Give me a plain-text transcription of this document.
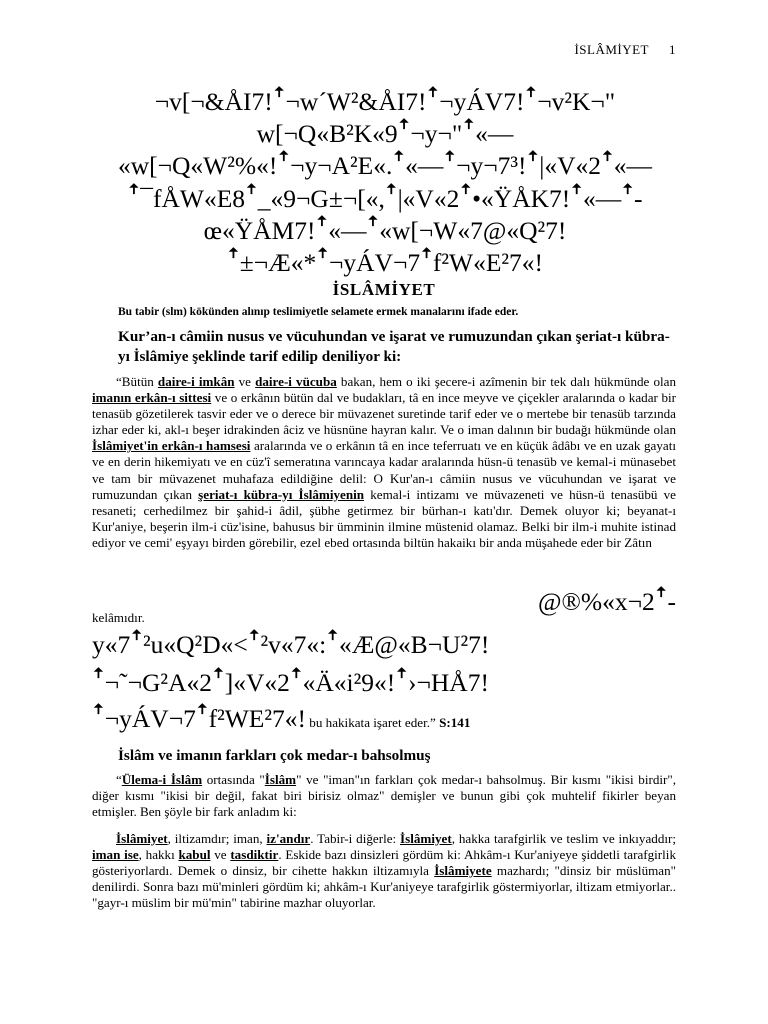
İSLÂMİYET 1
¬v[¬&ÅI7!ꜛ¬w´W²&ÅI7!ꜛ¬yÁV7!ꜛ¬v²K¬"
w[¬Q«B²K«9ꜛ¬y¬"ꜛ«—
«w[¬Q«W²%«!ꜛ¬y¬A²E«.ꜛ«—ꜛ¬y¬7³!ꜛ|«V«2ꜛ«—
ꜛ¯fÅW«E8ꜛ_«9¬G±¬[«,ꜛ|«V«2ꜛ•«ŸÅK7!ꜛ«—ꜛ-
œ«ŸÅM7!ꜛ«—ꜛ«w[¬W«7@«Q²7!
ꜛ±¬Æ«*ꜛ¬yÁV¬7ꜛf²W«E²7«!
İSLÂMİYET
Bu tabir (slm) kökünden alınıp teslimiyetle selamete ermek manalarını ifade eder.
Kur’an-ı câmiin nusus ve vücuhundan ve işarat ve rumuzundan çıkan şeriat-ı kübra-yı İslâmiye şeklinde tarif edilip deniliyor ki:
“Bütün daire-i imkân ve daire-i vücuba bakan, hem o iki şecere-i azîmenin bir tek dalı hükmünde olan imanın erkân-ı sittesi ve o erkânın bütün dal ve budakları, tâ en ince meyve ve çiçekler aralarında o kadar bir tenasüb gözetilerek tasvir eder ve o derece bir müvazenet suretinde tarif eder ve o mertebe bir tenasüb tarzında izhar eder ki, akl-ı beşer idrakinden âciz ve hüsnüne hayran kalır. Ve o iman dalının bir budağı hükmünde olan İslâmiyet'in erkân-ı hamsesi aralarında ve o erkânın tâ en ince teferruatı ve en küçük âdâbı ve en uzak gayatı ve en derin hikemiyatı ve en cüz'î semeratına varıncaya kadar aralarında hüsn-ü tenasüb ve kemal-i münasebet ve tam bir müvazenet muhafaza edildiğine delil: O Kur'an-ı câmiin nusus ve vücuhundan ve işarat ve rumuzundan çıkan şeriat-ı kübra-yı İslâmiyenin kemal-i intizamı ve müvazeneti ve hüsn-ü tenasübü ve resaneti; cerhedilmez bir şahid-i âdil, şübhe getirmez bir bürhan-ı katı'dır. Demek oluyor ki; beyanat-ı Kur'aniye, beşerin ilm-i cüz'isine, bahusus bir ümminin ilmine müstenid olamaz. Belki bir ilm-i muhite istinad ediyor ve cemi' eşyayı birden görebilir, ezel ebed ortasında biltün hakaikı bir anda müşahede eder bir Zâtın
kelâmıdır.
@®%«x¬2ꜛ-
y«7ꜛ²u«Q²D«<ꜛ²v«7«:ꜛ«Æ@«B¬U²7!
ꜛ¬˜¬G²A«2ꜛ]«V«2ꜛ«Ä«i²9«!ꜛ›¬HÅ7!
ꜛ¬yÁV¬7ꜛf²WE²7«! bu hakikata işaret eder.” S:141
İslâm ve imanın farkları çok medar-ı bahsolmuş
“Ülema-i İslâm ortasında "İslâm" ve "iman"ın farkları çok medar-ı bahsolmuş. Bir kısmı "ikisi birdir", diğer kısmı "ikisi bir değil, fakat biri birisiz olmaz" demişler ve bunun gibi çok muhtelif fikirler beyan etmişler. Ben şöyle bir fark anladım ki:
İslâmiyet, iltizamdır; iman, iz'andır. Tabir-i diğerle: İslâmiyet, hakka tarafgirlik ve teslim ve inkıyaddır; iman ise, hakkı kabul ve tasdiktir. Eskide bazı dinsizleri gördüm ki: Ahkâm-ı Kur'aniyeye şiddetli tarafgirlik gösteriyorlardı. Demek o dinsiz, bir cihette hakkın iltizamıyla İslâmiyete mazhardı; "dinsiz bir müslüman" denilirdi. Sonra bazı mü'minleri gördüm ki; ahkâm-ı Kur'aniyeye tarafgirlik göstermiyorlar, iltizam etmiyorlar.. "gayr-ı müslim bir mü'min" tabirine mazhar oluyorlar.
